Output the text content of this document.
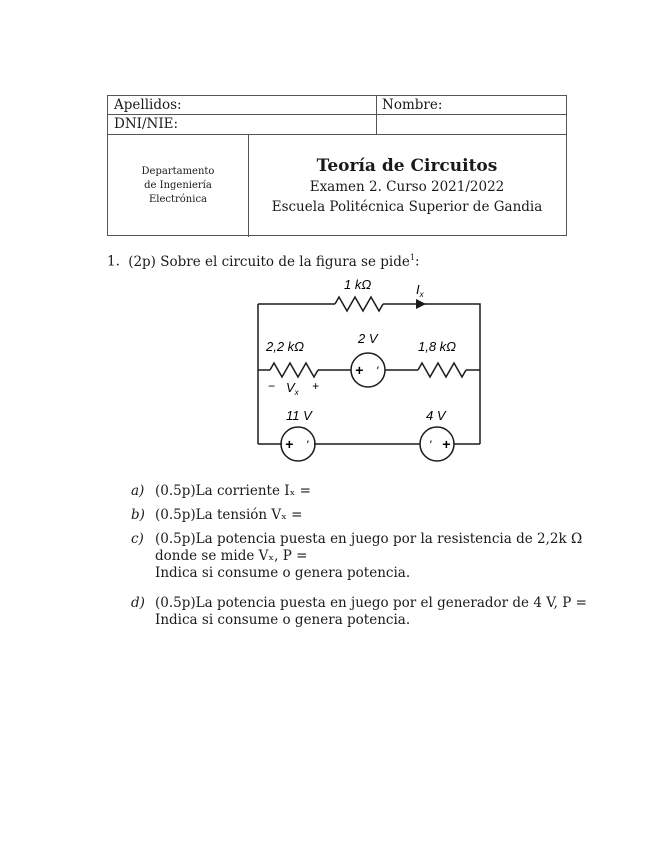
Apellidos:	Nombre:
DNI/NIE:
Departamento
de Ingeniería
Electrónica
Teoría de Circuitos
Examen 2. Curso 2021/2022
Escuela Politécnica Superior de Gandia
1. (2p) Sobre el circuito de la figura se pide$^1$:
1 kΩ	$I_x$
2,2 kΩ
2 V
1,8 kΩ
− $V_x$ +
11 V	4 V
+ '
+ '	' +
a) (0.5p)La corriente Iₓ =
b) (0.5p)La tensión Vₓ =
c) (0.5p)La potencia puesta en juego por la resistencia de 2,2k Ω
donde se mide Vₓ, P =
Indica si consume o genera potencia.
d) (0.5p)La potencia puesta en juego por el generador de 4 V, P =
Indica si consume o genera potencia.
